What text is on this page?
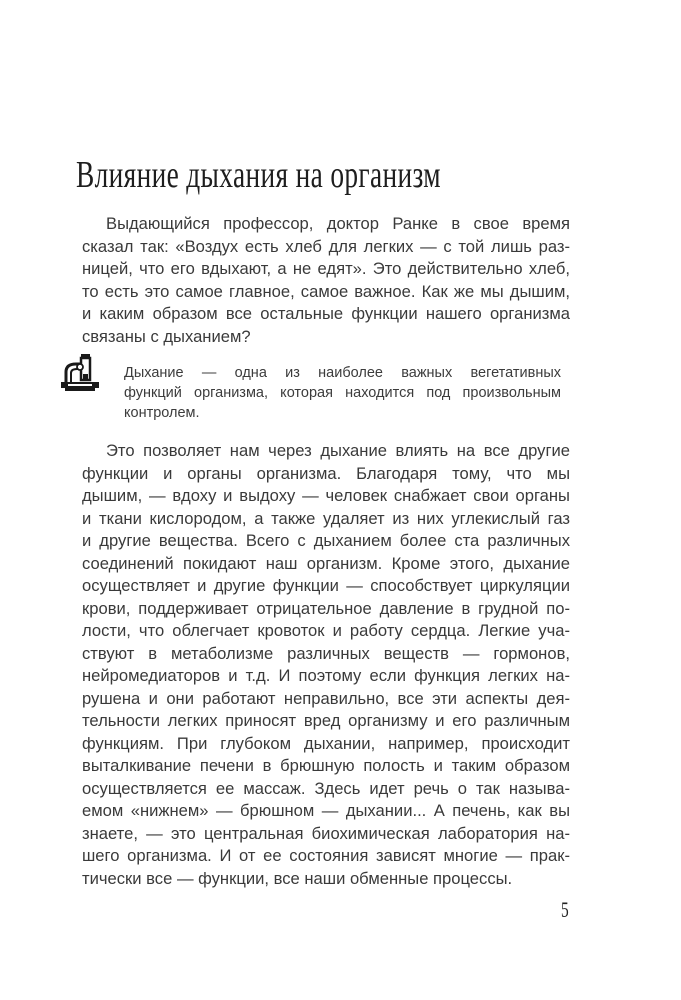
Влияние дыхания на организм
Выдающийся профессор, доктор Ранке в свое время
сказал так: «Воздух есть хлеб для легких — с той лишь раз-
ницей, что его вдыхают, а не едят». Это действительно хлеб,
то есть это самое главное, самое важное. Как же мы дышим,
и каким образом все остальные функции нашего организма
связаны с дыханием?
Дыхание — одна из наиболее важных вегетативных
функций организма, которая находится под произвольным
контролем.
Это позволяет нам через дыхание влиять на все другие
функции и органы организма. Благодаря тому, что мы
дышим, — вдоху и выдоху — человек снабжает свои органы
и ткани кислородом, а также удаляет из них углекислый газ
и другие вещества. Всего с дыханием более ста различных
соединений покидают наш организм. Кроме этого, дыхание
осуществляет и другие функции — способствует циркуляции
крови, поддерживает отрицательное давление в грудной по-
лости, что облегчает кровоток и работу сердца. Легкие уча-
ствуют в метаболизме различных веществ — гормонов,
нейромедиаторов и т.д. И поэтому если функция легких на-
рушена и они работают неправильно, все эти аспекты дея-
тельности легких приносят вред организму и его различным
функциям. При глубоком дыхании, например, происходит
выталкивание печени в брюшную полость и таким образом
осуществляется ее массаж. Здесь идет речь о так называ-
емом «нижнем» — брюшном — дыхании... А печень, как вы
знаете, — это центральная биохимическая лаборатория на-
шего организма. И от ее состояния зависят многие — прак-
тически все — функции, все наши обменные процессы.
5
